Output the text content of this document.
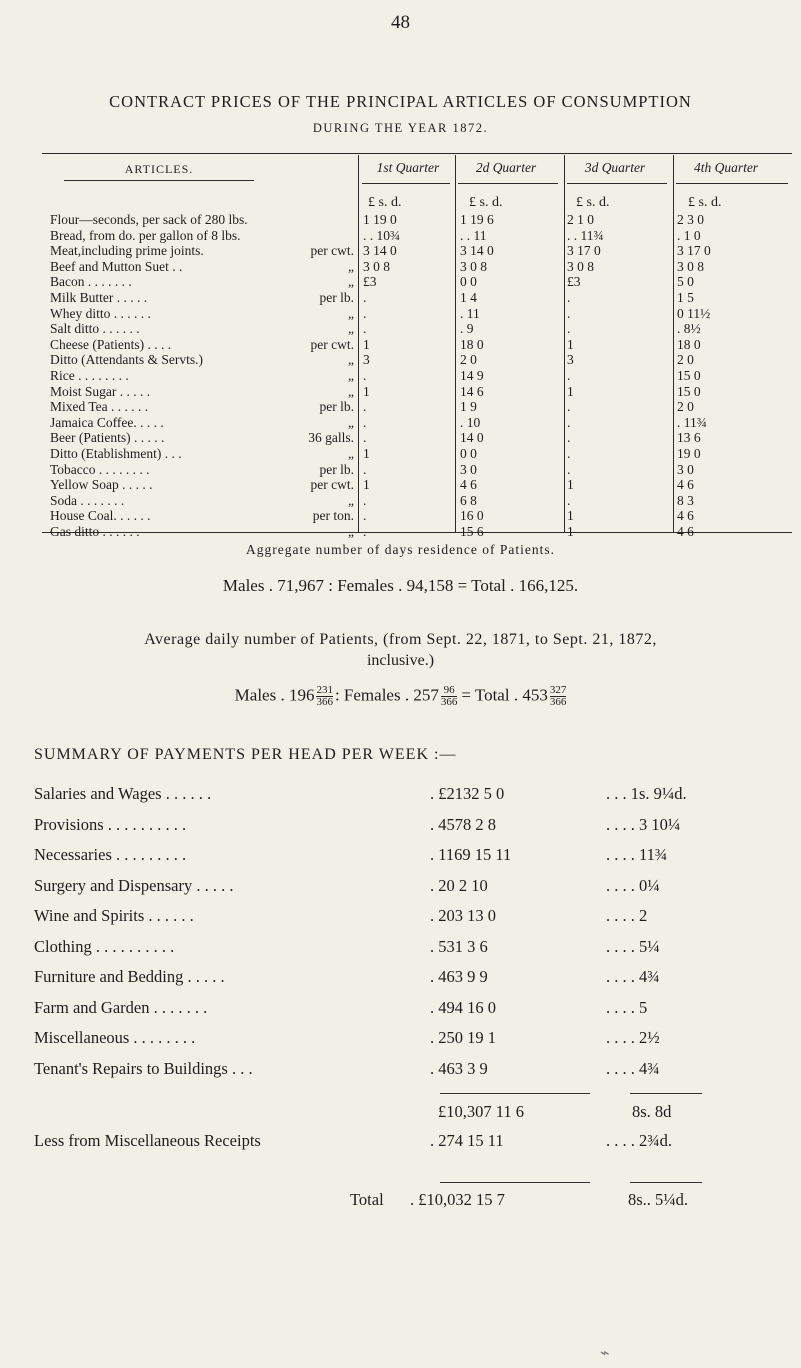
48
CONTRACT PRICES OF THE PRINCIPAL ARTICLES OF CONSUMPTION
DURING THE YEAR 1872.
ARTICLES.	1st Quarter	2d Quarter	3d Quarter	4th Quarter
£ s. d.	£ s. d.	£ s. d.	£ s. d.
Flour—seconds, per sack of 280 lbs.	1 19 0	1 19 6	2 1 0	2 3 0
Bread, from do. per gallon of 8 lbs.	. . 10¾	. . 11	. . 11¾	. 1 0
Meat,including prime joints.	per cwt. 3 14 0	3 14 0	3 17 0	3 17 0
Beef and Mutton Suet . .	„ 3 0 8	3 0 8	3 0 8	3 0 8
Bacon . . . . . . .	„ £3	0 0	£3	5 0
Milk Butter . . . . .	per lb. .	1 4	.	1 5
Whey ditto . . . . . .	„ .	. 11	.	0 11½
Salt ditto . . . . . .	„ .	. 9	.	. 8½
Cheese (Patients) . . . .	per cwt. 1	18 0	1	18 0
Ditto (Attendants & Servts.)	„ 3	2 0	3	2 0
Rice . . . . . . . .	„ .	14 9	.	15 0
Moist Sugar . . . . .	„ 1	14 6	1	15 0
Mixed Tea . . . . . .	per lb. .	1 9	.	2 0
Jamaica Coffee. . . . .	„ .	. 10	.	. 11¾
Beer (Patients) . . . . .	36 galls. .	14 0	.	13 6
Ditto (Etablishment) . . .	„ 1	0 0	.	19 0
Tobacco . . . . . . . .	per lb. .	3 0	.	3 0
Yellow Soap . . . . .	per cwt. 1	4 6	1	4 6
Soda . . . . . . .	„ .	6 8	.	8 3
House Coal. . . . . .	per ton. .	16 0	1	4 6
Gas ditto . . . . . .	„ .	15 6	1	4 6
Aggregate number of days residence of Patients.
Males . 71,967 : Females . 94,158 = Total . 166,125.
Average daily number of Patients, (from Sept. 22, 1871, to Sept. 21, 1872,
inclusive.)
Males . $196 \frac{231}{366}$ : Females . $257 \frac{96}{366}$ = Total . $453 \frac{327}{366}$
SUMMARY OF PAYMENTS PER HEAD PER WEEK :—
Salaries and Wages . . . . . .	. £2132 5 0	. . . 1s. 9¼d.
Provisions . . . . . . . . . .	. 4578 2 8	. . . . 3 10¼
Necessaries . . . . . . . . .	. 1169 15 11	. . . . 11¾
Surgery and Dispensary . . . . .	. 20 2 10	. . . . 0¼
Wine and Spirits . . . . . .	. 203 13 0	. . . . 2
Clothing . . . . . . . . . .	. 531 3 6	. . . . 5¼
Furniture and Bedding . . . . .	. 463 9 9	. . . . 4¾
Farm and Garden . . . . . . .	. 494 16 0	. . . . 5
Miscellaneous . . . . . . . .	. 250 19 1	. . . . 2½
Tenant's Repairs to Buildings . . .	. 463 3 9	. . . . 4¾
£10,307 11 6	8s. 8d
Less from Miscellaneous Receipts	. 274 15 11	. . . . 2¾d.
Total . £10,032 15 7	8s.. 5¼d.
⌁
